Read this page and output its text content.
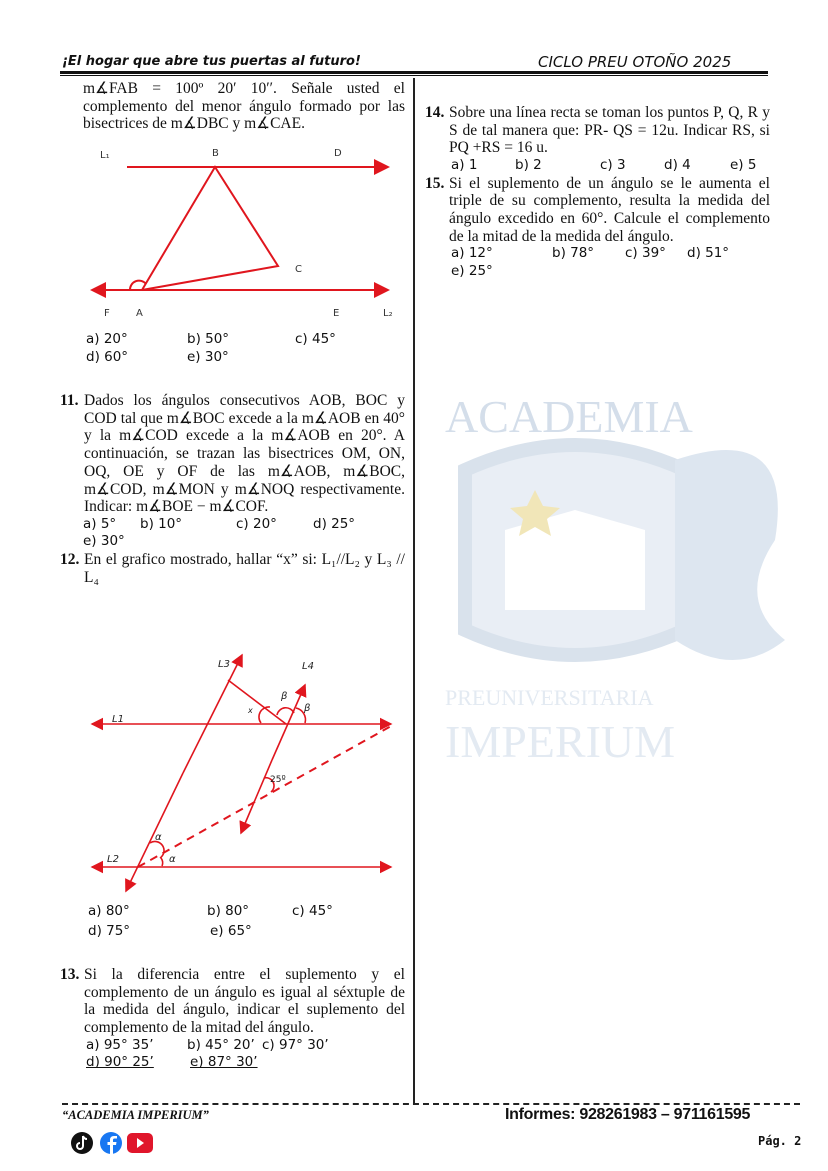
ACADEMIA
PREUNIVERSITARIA
IMPERIUM
¡El hogar que abre tus puertas al futuro!	CICLO PREU OTOÑO 2025
m∡FAB = 100º 20′ 10′′. Señale usted el complemento del menor ángulo formado por las bisectrices de m∡DBC y m∡CAE.
L₁	B	D
C
F	A	E	L₂
a) 20°	b) 50°	c) 45°
d) 60°	e) 30°
11. Dados los ángulos consecutivos AOB, BOC y COD tal que m∡BOC excede a la m∡AOB en 40° y la m∡COD excede a la m∡AOB en 20°. A continuación, se trazan las bisectrices OM, ON, OQ, OE y OF de las m∡AOB, m∡BOC, m∡COD, m∡MON y m∡NOQ respectivamente. Indicar: m∡BOE − m∡COF.
a) 5° b) 10°	c) 20°	d) 25°
e) 30°
12. En el grafico mostrado, hallar “x” si: L₁//L₂ y L₃ // L₄
L3	L4
β
β
x
25º
α
α
L1
L2
a) 80°	b) 80°	c) 45°
d) 75°	e) 65°
13. Si la diferencia entre el suplemento y el complemento de un ángulo es igual al séxtuple de la medida del ángulo, indicar el suplemento del complemento de la mitad del ángulo.
a) 95° 35’ b) 45° 20’ c) 97° 30’
d) 90° 25’	e) 87° 30’
14. Sobre una línea recta se toman los puntos P, Q, R y S de tal manera que: PR- QS = 12u. Indicar RS, si PQ +RS = 16 u.
a) 1	b) 2	c) 3	d) 4	e) 5
15. Si el suplemento de un ángulo se le aumenta el triple de su complemento, resulta la medida del ángulo excedido en 60°. Calcule el complemento de la mitad de la medida del ángulo.
a) 12°	b) 78° c) 39° d) 51°
e) 25°
“ACADEMIA IMPERIUM”	Informes: 928261983 – 971161595
Pág. 2
